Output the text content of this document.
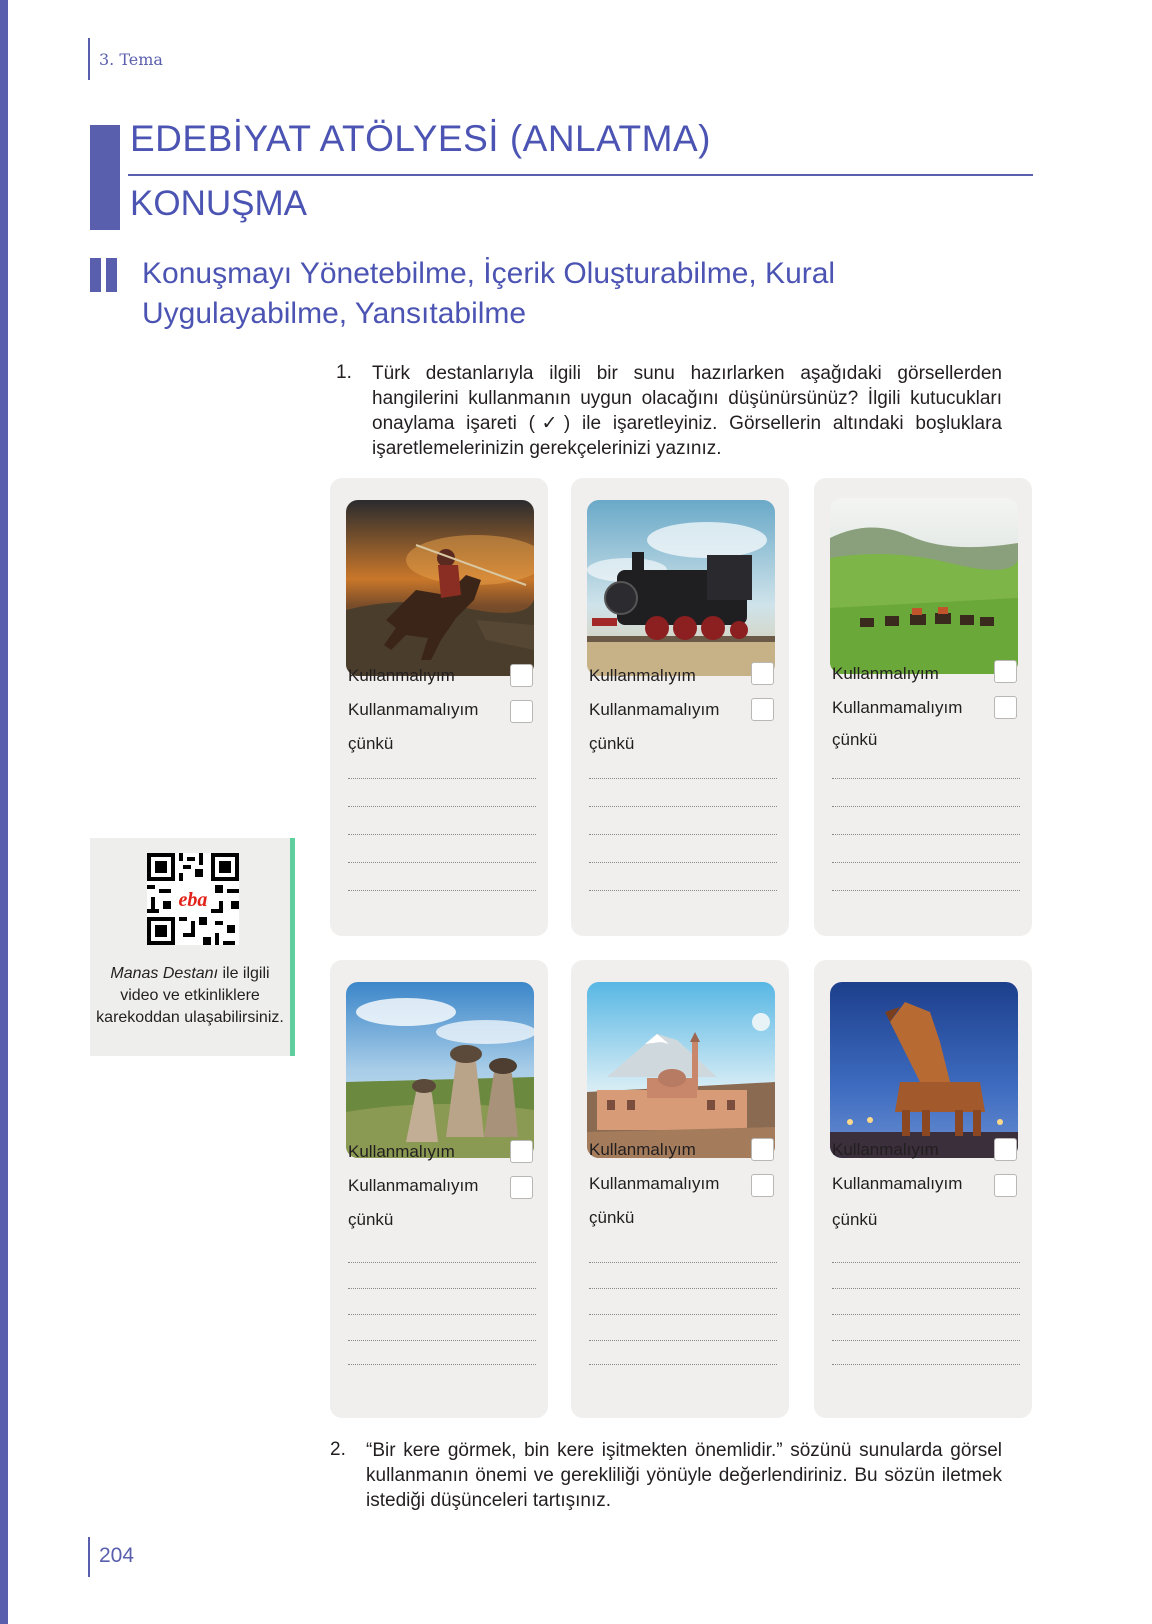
3. Tema
EDEBİYAT ATÖLYESİ (ANLATMA)
KONUŞMA
Konuşmayı Yönetebilme, İçerik Oluşturabilme, Kural Uygulayabilme, Yansıtabilme
1. Türk destanlarıyla ilgili bir sunu hazırlarken aşağıdaki görsellerden hangilerini kullanmanın uygun olacağını düşünürsünüz? İlgili kutucukları onaylama işareti (✓) ile işaretleyiniz. Görsellerin altındaki boşluklara işaretlemelerinizin gerekçelerinizi yazınız.
Kullanmalıyım
Kullanmamalıyım
çünkü
Kullanmalıyım
Kullanmamalıyım
çünkü
Kullanmalıyım
Kullanmamalıyım
çünkü
Kullanmalıyım
Kullanmamalıyım
çünkü
Kullanmalıyım
Kullanmamalıyım
çünkü
Kullanmalıyım
Kullanmamalıyım
çünkü
eba
Manas Destanı ile ilgili video ve etkinliklere karekoddan ulaşabilirsiniz.
2. “Bir kere görmek, bin kere işitmekten önemlidir.” sözünü sunularda görsel kullanmanın önemi ve gerekliliği yönüyle değerlendiriniz. Bu sözün iletmek istediği düşünceleri tartışınız.
204
